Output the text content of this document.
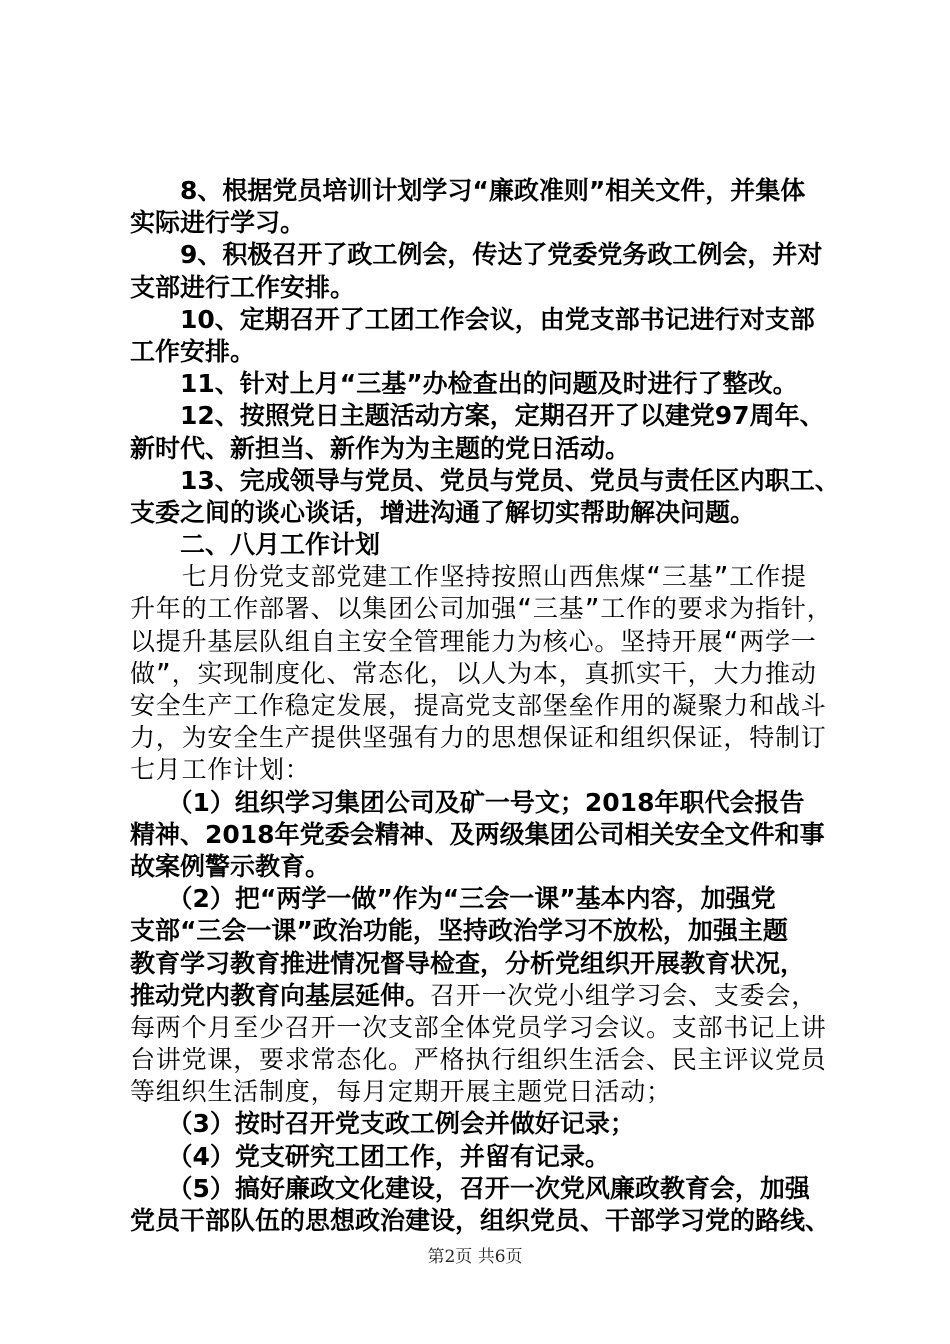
　　8、根据党员培训计划学习“廉政准则”相关文件，并集体
实际进行学习。
　　9、积极召开了政工例会，传达了党委党务政工例会，并对
支部进行工作安排。
　　10、定期召开了工团工作会议，由党支部书记进行对支部
工作安排。
　　11、针对上月“三基”办检查出的问题及时进行了整改。
　　12、按照党日主题活动方案，定期召开了以建党97周年、
新时代、新担当、新作为为主题的党日活动。
　　13、完成领导与党员、党员与党员、党员与责任区内职工、
支委之间的谈心谈话，增进沟通了解切实帮助解决问题。
　　二、八月工作计划
　　七月份党支部党建工作坚持按照山西焦煤“三基”工作提
升年的工作部署、以集团公司加强“三基”工作的要求为指针，
以提升基层队组自主安全管理能力为核心。坚持开展“两学一
做”，实现制度化、常态化，以人为本，真抓实干，大力推动
安全生产工作稳定发展，提高党支部堡垒作用的凝聚力和战斗
力，为安全生产提供坚强有力的思想保证和组织保证，特制订
七月工作计划：
　　（1）组织学习集团公司及矿一号文；2018年职代会报告
精神、2018年党委会精神、及两级集团公司相关安全文件和事
故案例警示教育。
　　（2）把“两学一做”作为“三会一课”基本内容，加强党
支部“三会一课”政治功能，坚持政治学习不放松，加强主题
教育学习教育推进情况督导检查，分析党组织开展教育状况，
推动党内教育向基层延伸。召开一次党小组学习会、支委会，
每两个月至少召开一次支部全体党员学习会议。支部书记上讲
台讲党课，要求常态化。严格执行组织生活会、民主评议党员
等组织生活制度，每月定期开展主题党日活动；
　　（3）按时召开党支政工例会并做好记录；
　　（4）党支研究工团工作，并留有记录。
　　（5）搞好廉政文化建设，召开一次党风廉政教育会，加强
党员干部队伍的思想政治建设，组织党员、干部学习党的路线、
第2页 共6页
